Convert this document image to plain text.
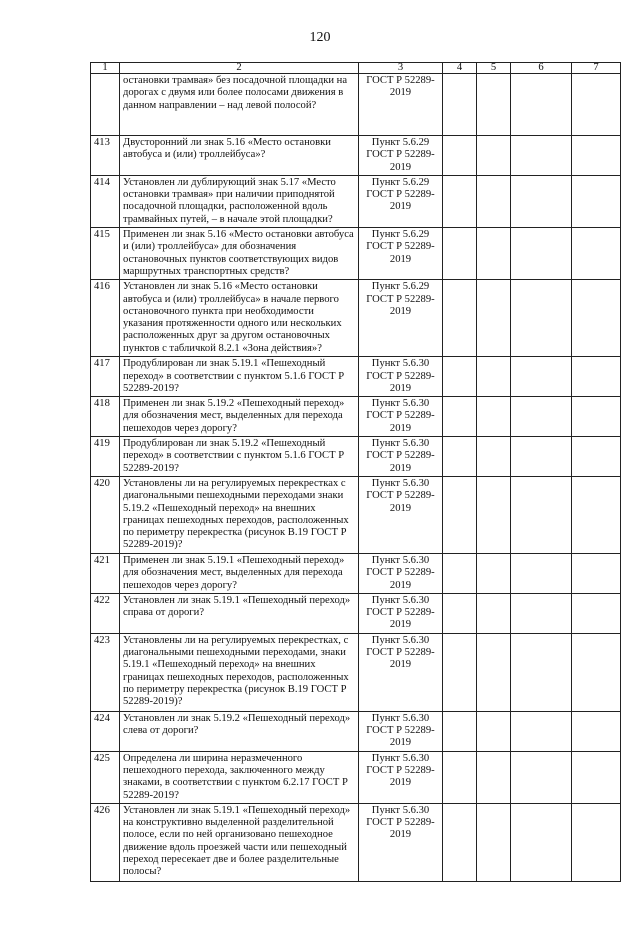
120
1	2	3	4	5	6	7
	остановки трамвая» без посадочной площадки на дорогах с двумя или более полосами движения в данном направлении – над левой полосой?	ГОСТ Р 52289-2019				
413	Двусторонний ли знак 5.16 «Место остановки автобуса и (или) троллейбуса»?	Пункт 5.6.29 ГОСТ Р 52289-2019				
414	Установлен ли дублирующий знак 5.17 «Место остановки трамвая» при наличии приподнятой посадочной площадки, расположенной вдоль трамвайных путей, – в начале этой площадки?	Пункт 5.6.29 ГОСТ Р 52289-2019				
415	Применен ли знак 5.16 «Место остановки автобуса и (или) троллейбуса» для обозначения остановочных пунктов соответствующих видов маршрутных транспортных средств?	Пункт 5.6.29 ГОСТ Р 52289-2019				
416	Установлен ли знак 5.16 «Место остановки автобуса и (или) троллейбуса» в начале первого остановочного пункта при необходимости указания протяженности одного или нескольких расположенных друг за другом остановочных пунктов с табличкой 8.2.1 «Зона действия»?	Пункт 5.6.29 ГОСТ Р 52289-2019				
417	Продублирован ли знак 5.19.1 «Пешеходный переход» в соответствии с пунктом 5.1.6 ГОСТ Р 52289-2019?	Пункт 5.6.30 ГОСТ Р 52289-2019				
418	Применен ли знак 5.19.2 «Пешеходный переход» для обозначения мест, выделенных для перехода пешеходов через дорогу?	Пункт 5.6.30 ГОСТ Р 52289-2019				
419	Продублирован ли знак 5.19.2 «Пешеходный переход» в соответствии с пунктом 5.1.6 ГОСТ Р 52289-2019?	Пункт 5.6.30 ГОСТ Р 52289-2019				
420	Установлены ли на регулируемых перекрестках с диагональными пешеходными переходами знаки 5.19.2 «Пешеходный переход» на внешних границах пешеходных переходов, расположенных по периметру перекрестка (рисунок В.19 ГОСТ Р 52289-2019)?	Пункт 5.6.30 ГОСТ Р 52289-2019				
421	Применен ли знак 5.19.1 «Пешеходный переход» для обозначения мест, выделенных для перехода пешеходов через дорогу?	Пункт 5.6.30 ГОСТ Р 52289-2019				
422	Установлен ли знак 5.19.1 «Пешеходный переход» справа от дороги?	Пункт 5.6.30 ГОСТ Р 52289-2019				
423	Установлены ли на регулируемых перекрестках, с диагональными пешеходными переходами, знаки 5.19.1 «Пешеходный переход» на внешних границах пешеходных переходов, расположенных по периметру перекрестка (рисунок В.19 ГОСТ Р 52289-2019)?	Пункт 5.6.30 ГОСТ Р 52289-2019				
424	Установлен ли знак 5.19.2 «Пешеходный переход» слева от дороги?	Пункт 5.6.30 ГОСТ Р 52289-2019				
425	Определена ли ширина неразмеченного пешеходного перехода, заключенного между знаками, в соответствии с пунктом 6.2.17 ГОСТ Р 52289-2019?	Пункт 5.6.30 ГОСТ Р 52289-2019				
426	Установлен ли знак 5.19.1 «Пешеходный переход» на конструктивно выделенной разделительной полосе, если по ней организовано пешеходное движение вдоль проезжей части или пешеходный переход пересекает две и более разделительные полосы?	Пункт 5.6.30 ГОСТ Р 52289-2019				
